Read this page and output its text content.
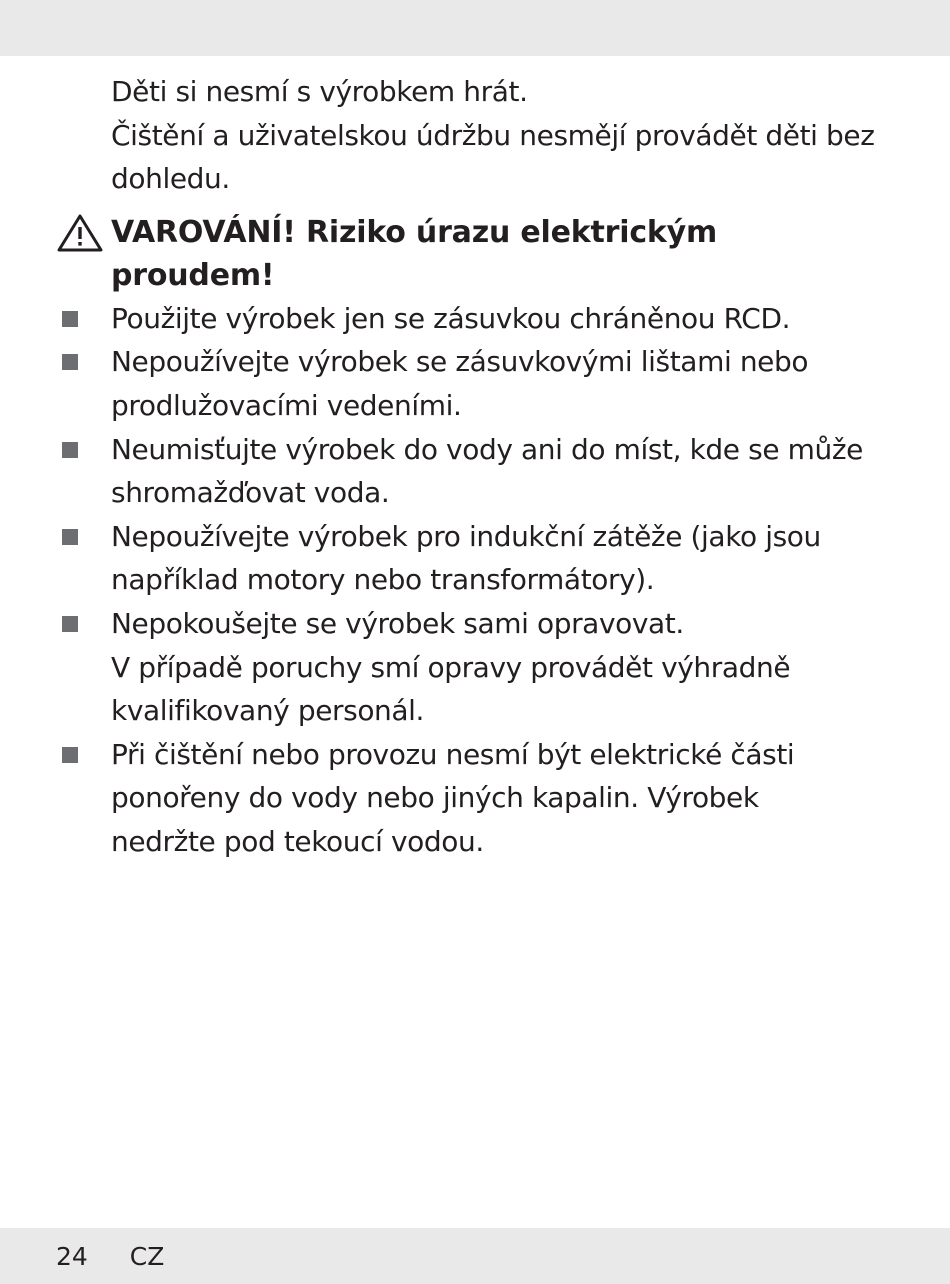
Děti si nesmí s výrobkem hrát.
Čištění a uživatelskou údržbu nesmějí provádět děti bez
dohledu.
VAROVÁNÍ! Riziko úrazu elektrickým
proudem!
Použijte výrobek jen se zásuvkou chráněnou RCD.
Nepoužívejte výrobek se zásuvkovými lištami nebo
prodlužovacími vedeními.
Neumisťujte výrobek do vody ani do míst, kde se může
shromažďovat voda.
Nepoužívejte výrobek pro indukční zátěže (jako jsou
například motory nebo transformátory).
Nepokoušejte se výrobek sami opravovat.
V případě poruchy smí opravy provádět výhradně
kvalifikovaný personál.
Při čištění nebo provozu nesmí být elektrické části
ponořeny do vody nebo jiných kapalin. Výrobek
nedržte pod tekoucí vodou.
24 CZ
